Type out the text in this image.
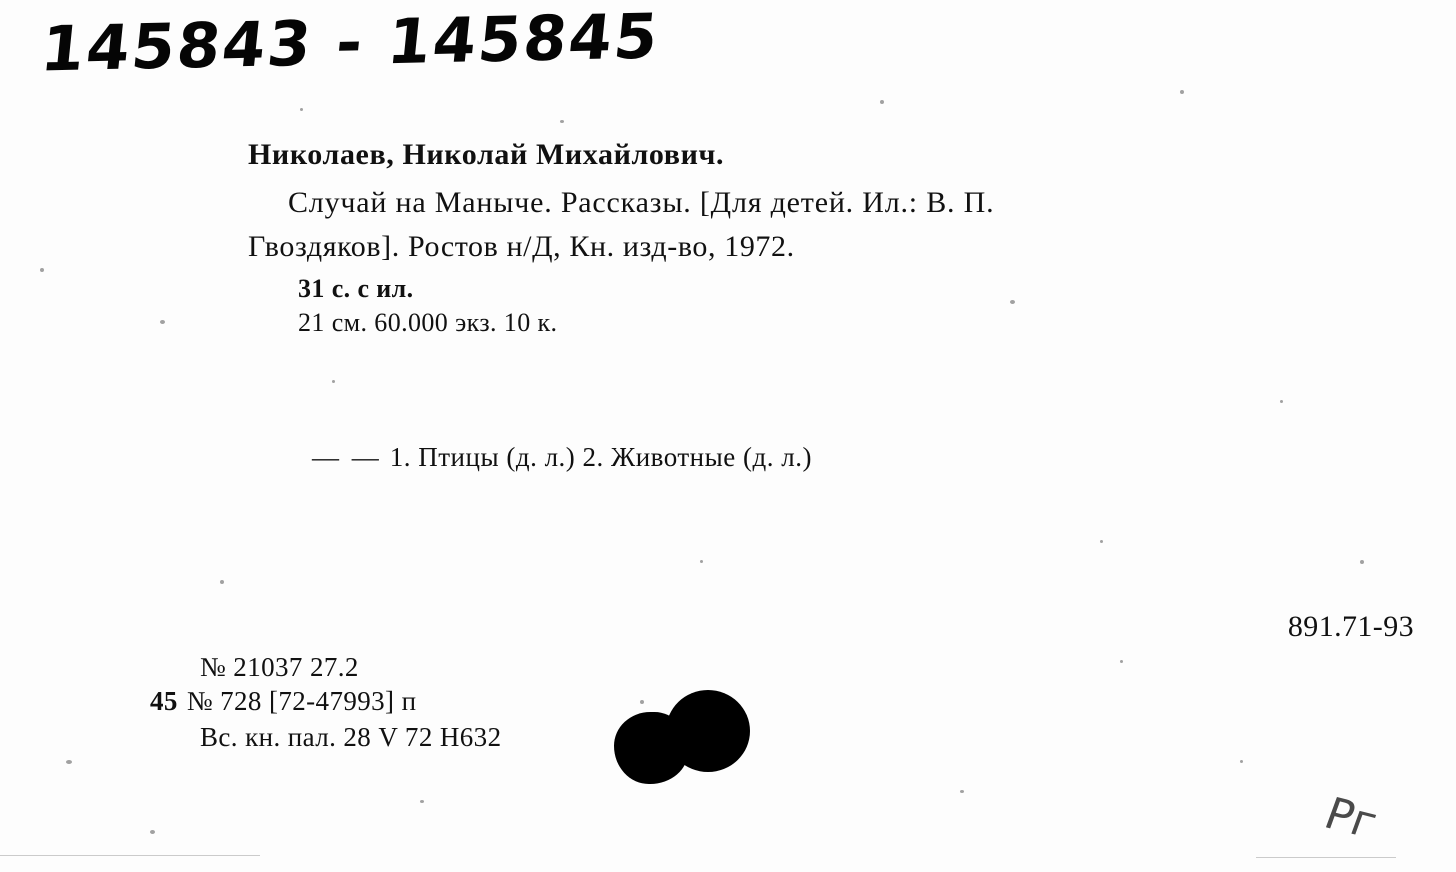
145843 - 145845
Николаев, Николай Михайлович.
Случай на Маныче. Рассказы. [Для детей. Ил.: В. П.
Гвоздяков]. Ростов н/Д, Кн. изд-во, 1972.
31 с. с ил.
21 см. 60.000 экз. 10 к.
— — 1. Птицы (д. л.) 2. Животные (д. л.)
891.71-93
№ 21037 27.2
45 № 728 [72-47993] п
Вс. кн. пал. 28 V 72 Н632
Рг
